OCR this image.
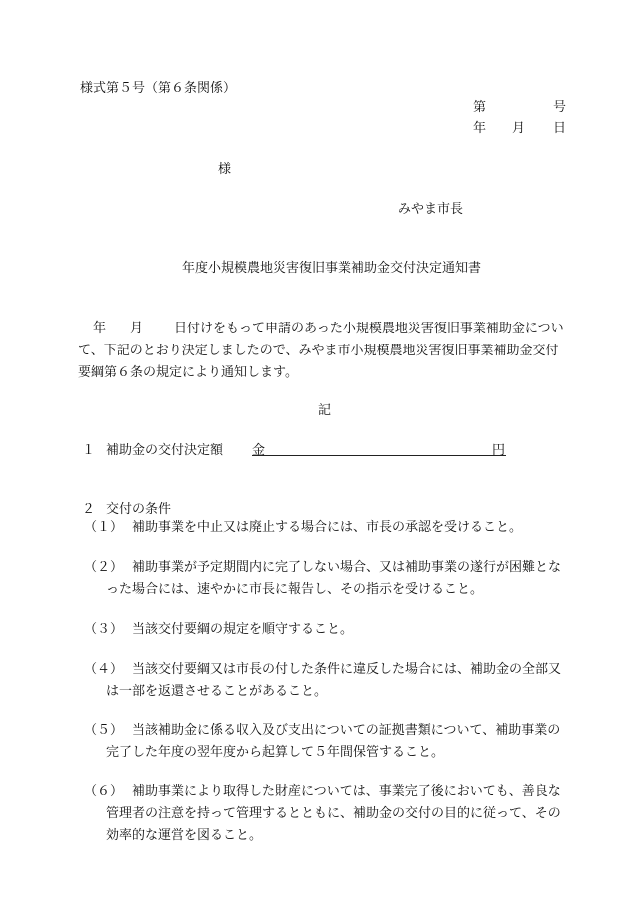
様式第５号（第６条関係）
第	号
年 月 日
様
みやま市長
年度小規模農地災害復旧事業補助金交付決定通知書
年 月 日付けをもって申請のあった小規模農地災害復旧事業補助金につい
て、下記のとおり決定しましたので、みやま市小規模農地災害復旧事業補助金交付
要綱第６条の規定により通知します。
記
１ 補助金の交付決定額 金	円
２ 交付の条件
（１） 補助事業を中止又は廃止する場合には、市長の承認を受けること。
（２） 補助事業が予定期間内に完了しない場合、又は補助事業の遂行が困難となった場合には、速やかに市長に報告し、その指示を受けること。
（３） 当該交付要綱の規定を順守すること。
（４） 当該交付要綱又は市長の付した条件に違反した場合には、補助金の全部又は一部を返還させることがあること。
（５） 当該補助金に係る収入及び支出についての証拠書類について、補助事業の完了した年度の翌年度から起算して５年間保管すること。
（６） 補助事業により取得した財産については、事業完了後においても、善良な管理者の注意を持って管理するとともに、補助金の交付の目的に従って、その効率的な運営を図ること。
